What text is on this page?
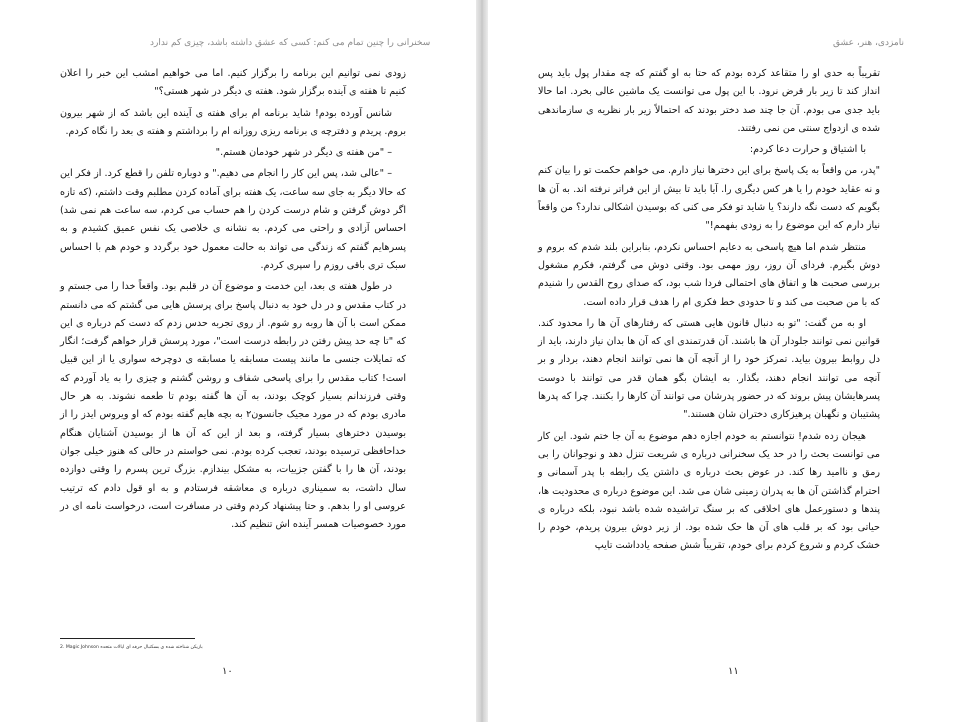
سخنرانی را چنین تمام می کنم: کسی که عشق داشته باشد، چیزی کم ندارد

زودی نمی توانیم این برنامه را برگزار کنیم. اما می خواهیم امشب این خبر را اعلان کنیم تا هفته ی آینده برگزار شود. هفته ی دیگر در شهر هستی؟"

شانس آورده بودم! شاید برنامه ام برای هفته ی آینده این باشد که از شهر بیرون بروم. پریدم و دفترچه ی برنامه ریزی روزانه ام را برداشتم و هفته ی بعد را نگاه کردم.

– "من هفته ی دیگر در شهر خودمان هستم."

– "عالی شد، پس این کار را انجام می دهیم." و دوباره تلفن را قطع کرد. از فکر این که حالا دیگر به جای سه ساعت، یک هفته برای آماده کردن مطلبم وقت داشتم، (که تازه اگر دوش گرفتن و شام درست کردن را هم حساب می کردم، سه ساعت هم نمی شد) احساس آزادی و راحتی می کردم. به نشانه ی خلاصی یک نفس عمیق کشیدم و به پسرهایم گفتم که زندگی می تواند به حالت معمول خود برگردد و خودم هم با احساس سبک تری باقی روزم را سپری کردم.

در طول هفته ی بعد، این خدمت و موضوع آن در قلبم بود. واقعاً خدا را می جستم و در کتاب مقدس و در دل خود به دنبال پاسخ برای پرسش هایی می گشتم که می دانستم ممکن است با آن ها روبه رو شوم. از روی تجربه حدس زدم که دست کم درباره ی این که "تا چه حد پیش رفتن در رابطه درست است"، مورد پرسش قرار خواهم گرفت؛ انگار که تمایلات جنسی ما مانند پیست مسابقه یا مسابقه ی دوچرخه سواری یا از این قبیل است! کتاب مقدس را برای پاسخی شفاف و روشن گشتم و چیزی را به یاد آوردم که وقتی فرزندانم بسیار کوچک بودند، به آن ها گفته بودم تا طعمه نشوند. به هر حال مادری بودم که در مورد مجیک جانسون۲ به بچه هایم گفته بودم که او ویروس ایدز را از بوسیدن دخترهای بسیار گرفته، و بعد از این که آن ها از بوسیدن آشنایان هنگام خداحافظی ترسیده بودند، تعجب کرده بودم. نمی خواستم در حالی که هنوز خیلی جوان بودند، آن ها را با گفتن جزییات، به مشکل بیندازم. بزرگ ترین پسرم را وقتی دوازده سال داشت، به سمیناری درباره ی معاشقه فرستادم و به او قول دادم که ترتیب عروسی او را بدهم. و حتا پیشنهاد کردم وقتی در مسافرت است، درخواست نامه ای در مورد خصوصیات همسر آینده اش تنظیم کند.

2. Magic Johnson بازیکن شناخته شده ی بسکتبال حرفه ای ایالات متحده
۱۰
نامزدی، هنر، عشق

تقریباً به حدی او را متقاعد کرده بودم که حتا به او گفتم که چه مقدار پول باید پس انداز کند تا زیر بار قرض نرود. با این پول می توانست یک ماشین عالی بخرد. اما حالا باید جدی می بودم. آن جا چند صد دختر بودند که احتمالاً زیر بار نظریه ی سازماندهی شده ی ازدواج سنتی من نمی رفتند.

با اشتیاق و حرارت دعا کردم:

"پدر، من واقعاً به یک پاسخ برای این دخترها نیاز دارم. می خواهم حکمت تو را بیان کنم و نه عقاید خودم را یا هر کس دیگری را. آیا باید تا بیش از این فراتر نرفته اند. به آن ها بگویم که دست نگه دارند؟ یا شاید تو فکر می کنی که بوسیدن اشکالی ندارد؟ من واقعاً نیاز دارم که این موضوع را به زودی بفهمم!"

منتظر شدم اما هیچ پاسخی به دعایم احساس نکردم، بنابراین بلند شدم که بروم و دوش بگیرم. فردای آن روز، روز مهمی بود. وقتی دوش می گرفتم، فکرم مشغول بررسی صحبت ها و اتفاق های احتمالی فردا شب بود، که صدای روح القدس را شنیدم که با من صحبت می کند و تا حدودی خط فکری ام را هدف قرار داده است.

او به من گفت: "تو به دنبال قانون هایی هستی که رفتارهای آن ها را محدود کند. قوانین نمی توانند جلودار آن ها باشند. آن قدرتمندی ای که آن ها بدان نیاز دارند، باید از دل روابط بیرون بیاید. تمرکز خود را از آنچه آن ها نمی توانند انجام دهند، بردار و بر آنچه می توانند انجام دهند، بگذار. به ایشان بگو همان قدر می توانند با دوست پسرهایشان پیش بروند که در حضور پدرشان می توانند آن کارها را بکنند. چرا که پدرها پشتیبان و نگهبان پرهیزکاری دختران شان هستند."

هیجان زده شدم! نتوانستم به خودم اجازه دهم موضوع به آن جا ختم شود. این کار می توانست بحث را در حد یک سخنرانی درباره ی شریعت تنزل دهد و نوجوانان را بی رمق و ناامید رها کند. در عوض بحث درباره ی داشتن یک رابطه با پدر آسمانی و احترام گذاشتن آن ها به پدران زمینی شان می شد. این موضوع درباره ی محدودیت ها، پندها و دستورعمل های اخلاقی که بر سنگ تراشیده شده باشد نبود، بلکه درباره ی حیاتی بود که بر قلب های آن ها حک شده بود. از زیر دوش بیرون پریدم، خودم را خشک کردم و شروع کردم برای خودم، تقریباً شش صفحه یادداشت تایپ

۱۱
